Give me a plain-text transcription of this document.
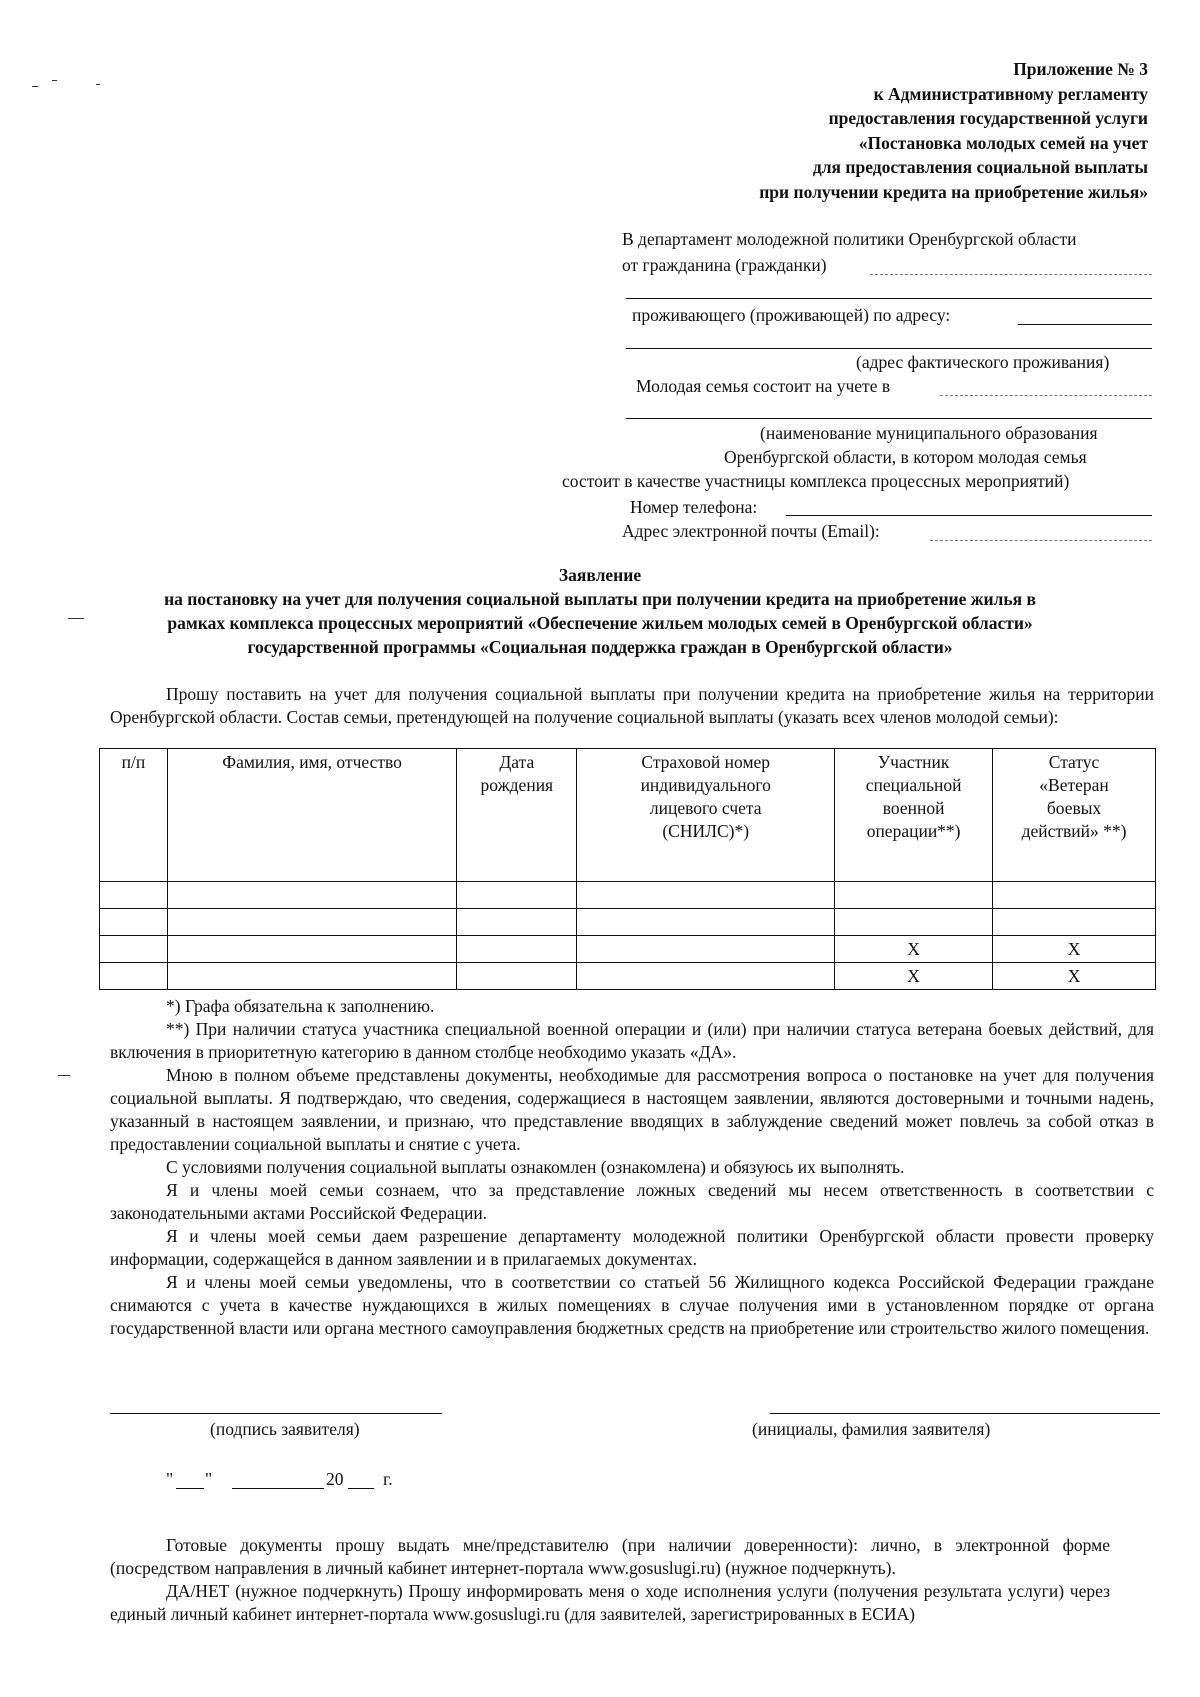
Приложение № 3
к Административному регламенту
предоставления государственной услуги
«Постановка молодых семей на учет
для предоставления социальной выплаты
при получении кредита на приобретение жилья»
В департамент молодежной политики Оренбургской области
от гражданина (гражданки)
проживающего (проживающей) по адресу:
(адрес фактического проживания)
Молодая семья состоит на учете в
(наименование муниципального образования
Оренбургской области, в котором молодая семья
состоит в качестве участницы комплекса процессных мероприятий)
Номер телефона:
Адрес электронной почты (Email):
Заявление
на постановку на учет для получения социальной выплаты при получении кредита на приобретение жилья в
рамках комплекса процессных мероприятий «Обеспечение жильем молодых семей в Оренбургской области»
государственной программы «Социальная поддержка граждан в Оренбургской области»

Прошу поставить на учет для получения социальной выплаты при получении кредита на приобретение жилья на территории Оренбургской области. Состав семьи, претендующей на получение социальной выплаты (указать всех членов молодой семьи):

п/п	Фамилия, имя, отчество	Дата рождения	Страховой номер индивидуального лицевого счета (СНИЛС)*)	Участник специальной военной операции**)	Статус «Ветеран боевых действий» **)

				X	X
				X	X

*) Графа обязательна к заполнению.

**) При наличии статуса участника специальной военной операции и (или) при наличии статуса ветерана боевых действий, для включения в приоритетную категорию в данном столбце необходимо указать «ДА».

Мною в полном объеме представлены документы, необходимые для рассмотрения вопроса о постановке на учет для получения социальной выплаты. Я подтверждаю, что сведения, содержащиеся в настоящем заявлении, являются достоверными и точными надень, указанный в настоящем заявлении, и признаю, что представление вводящих в заблуждение сведений может повлечь за собой отказ в предоставлении социальной выплаты и снятие с учета.

С условиями получения социальной выплаты ознакомлен (ознакомлена) и обязуюсь их выполнять.

Я и члены моей семьи сознаем, что за представление ложных сведений мы несем ответственность в соответствии с законодательными актами Российской Федерации.

Я и члены моей семьи даем разрешение департаменту молодежной политики Оренбургской области провести проверку информации, содержащейся в данном заявлении и в прилагаемых документах.

Я и члены моей семьи уведомлены, что в соответствии со статьей 56 Жилищного кодекса Российской Федерации граждане снимаются с учета в качестве нуждающихся в жилых помещениях в случае получения ими в установленном порядке от органа государственной власти или органа местного самоуправления бюджетных средств на приобретение или строительство жилого помещения.

(подпись заявителя)	(инициалы, фамилия заявителя)
" "	20 г.

Готовые документы прошу выдать мне/представителю (при наличии доверенности): лично, в электронной форме (посредством направления в личный кабинет интернет-портала www.gosuslugi.ru) (нужное подчеркнуть).

ДА/НЕТ (нужное подчеркнуть) Прошу информировать меня о ходе исполнения услуги (получения результата услуги) через единый личный кабинет интернет-портала www.gosuslugi.ru (для заявителей, зарегистрированных в ЕСИА)
